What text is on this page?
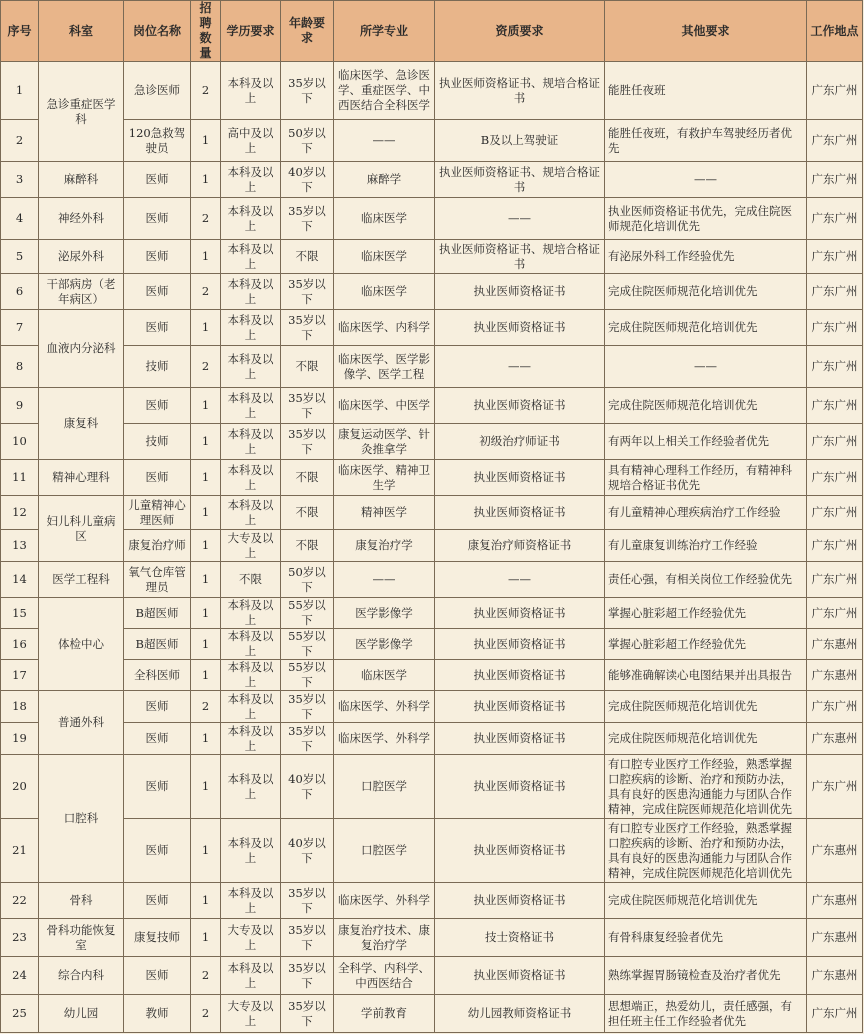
序号	科室	岗位名称	招聘数量	学历要求	年龄要求	所学专业	资质要求	其他要求	工作地点
1	急诊重症医学科	急诊医师	2	本科及以上	35岁以下	临床医学、急诊医学、重症医学、中西医结合全科医学	执业医师资格证书、规培合格证书	能胜任夜班	广东广州
2		120急救驾驶员	1	高中及以上	50岁以下	——	B及以上驾驶证	能胜任夜班，有救护车驾驶经历者优先	广东广州
3	麻醉科	医师	1	本科及以上	40岁以下	麻醉学	执业医师资格证书、规培合格证书	——	广东广州
4	神经外科	医师	2	本科及以上	35岁以下	临床医学	——	执业医师资格证书优先，完成住院医师规范化培训优先	广东广州
5	泌尿外科	医师	1	本科及以上	不限	临床医学	执业医师资格证书、规培合格证书	有泌尿外科工作经验优先	广东广州
6	干部病房（老年病区）	医师	2	本科及以上	35岁以下	临床医学	执业医师资格证书	完成住院医师规范化培训优先	广东广州
7	血液内分泌科	医师	1	本科及以上	35岁以下	临床医学、内科学	执业医师资格证书	完成住院医师规范化培训优先	广东广州
8		技师	2	本科及以上	不限	临床医学、医学影像学、医学工程	——	——	广东广州
9	康复科	医师	1	本科及以上	35岁以下	临床医学、中医学	执业医师资格证书	完成住院医师规范化培训优先	广东广州
10		技师	1	本科及以上	35岁以下	康复运动医学、针灸推拿学	初级治疗师证书	有两年以上相关工作经验者优先	广东广州
11	精神心理科	医师	1	本科及以上	不限	临床医学、精神卫生学	执业医师资格证书	具有精神心理科工作经历，有精神科规培合格证书优先	广东广州
12	妇儿科儿童病区	儿童精神心理医师	1	本科及以上	不限	精神医学	执业医师资格证书	有儿童精神心理疾病治疗工作经验	广东广州
13		康复治疗师	1	大专及以上	不限	康复治疗学	康复治疗师资格证书	有儿童康复训练治疗工作经验	广东广州
14	医学工程科	氧气仓库管理员	1	不限	50岁以下	——	——	责任心强，有相关岗位工作经验优先	广东广州
15	体检中心	B超医师	1	本科及以上	55岁以下	医学影像学	执业医师资格证书	掌握心脏彩超工作经验优先	广东广州
16		B超医师	1	本科及以上	55岁以下	医学影像学	执业医师资格证书	掌握心脏彩超工作经验优先	广东惠州
17		全科医师	1	本科及以上	55岁以下	临床医学	执业医师资格证书	能够准确解读心电图结果并出具报告	广东惠州
18	普通外科	医师	2	本科及以上	35岁以下	临床医学、外科学	执业医师资格证书	完成住院医师规范化培训优先	广东广州
19		医师	1	本科及以上	35岁以下	临床医学、外科学	执业医师资格证书	完成住院医师规范化培训优先	广东惠州
20	口腔科	医师	1	本科及以上	40岁以下	口腔医学	执业医师资格证书	有口腔专业医疗工作经验，熟悉掌握口腔疾病的诊断、治疗和预防办法，具有良好的医患沟通能力与团队合作精神，完成住院医师规范化培训优先	广东广州
21		医师	1	本科及以上	40岁以下	口腔医学	执业医师资格证书	有口腔专业医疗工作经验，熟悉掌握口腔疾病的诊断、治疗和预防办法，具有良好的医患沟通能力与团队合作精神，完成住院医师规范化培训优先	广东惠州
22	骨科	医师	1	本科及以上	35岁以下	临床医学、外科学	执业医师资格证书	完成住院医师规范化培训优先	广东惠州
23	骨科功能恢复室	康复技师	1	大专及以上	35岁以下	康复治疗技术、康复治疗学	技士资格证书	有骨科康复经验者优先	广东惠州
24	综合内科	医师	2	本科及以上	35岁以下	全科学、内科学、中西医结合	执业医师资格证书	熟练掌握胃肠镜检查及治疗者优先	广东惠州
25	幼儿园	教师	2	大专及以上	35岁以下	学前教育	幼儿园教师资格证书	思想端正，热爱幼儿，责任感强，有担任班主任工作经验者优先	广东广州
